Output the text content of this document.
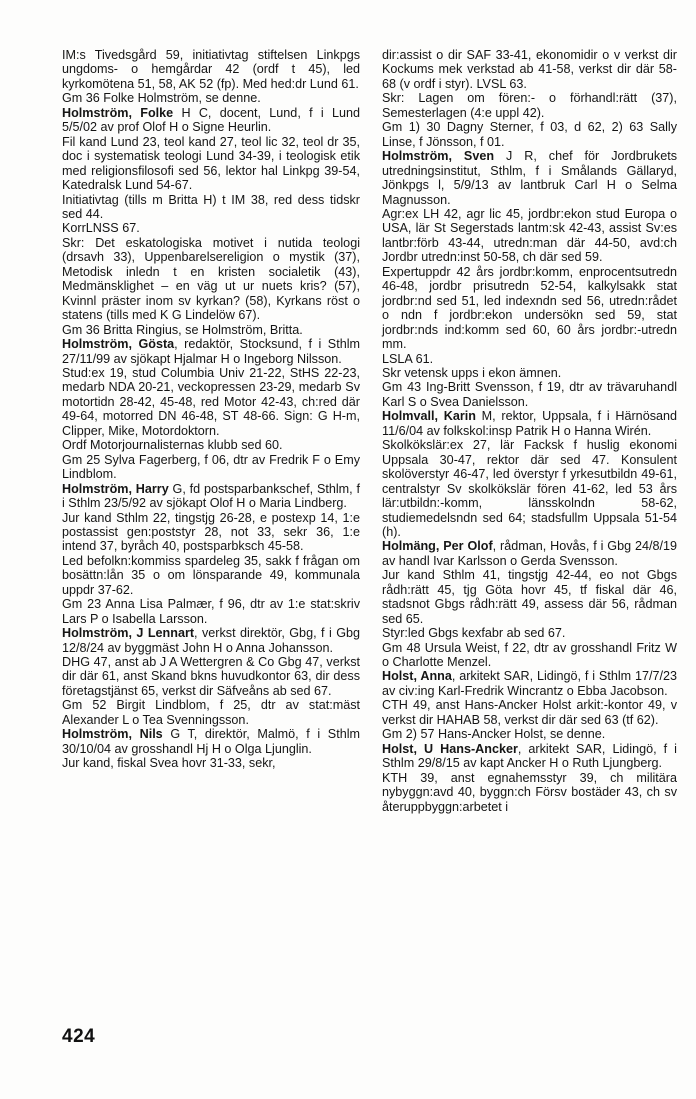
IM:s Tivedsgård 59, initiativtag stiftelsen Linkpgs ungdoms- o hemgårdar 42 (ordf t 45), led kyrkomötena 51, 58, AK 52 (fp). Med hed:dr Lund 61.

Gm 36 Folke Holmström, se denne.

Holmström, Folke H C, docent, Lund, f i Lund 5/5/02 av prof Olof H o Signe Heurlin.

Fil kand Lund 23, teol kand 27, teol lic 32, teol dr 35, doc i systematisk teologi Lund 34-39, i teologisk etik med religionsfilosofi sed 56, lektor hal Linkpg 39-54, Katedralsk Lund 54-67.

Initiativtag (tills m Britta H) t IM 38, red dess tidskr sed 44.

KorrLNSS 67.

Skr: Det eskatologiska motivet i nutida teologi (drsavh 33), Uppenbarelsereligion o mystik (37), Metodisk inledn t en kristen socialetik (43), Medmänsklighet – en väg ut ur nuets kris? (57), Kvinnl präster inom sv kyrkan? (58), Kyrkans röst o statens (tills med K G Lindelöw 67).

Gm 36 Britta Ringius, se Holmström, Britta.

Holmström, Gösta, redaktör, Stocksund, f i Sthlm 27/11/99 av sjökapt Hjalmar H o Ingeborg Nilsson.

Stud:ex 19, stud Columbia Univ 21-22, StHS 22-23, medarb NDA 20-21, veckopressen 23-29, medarb Sv motortidn 28-42, 45-48, red Motor 42-43, ch:red där 49-64, motorred DN 46-48, ST 48-66. Sign: G H-m, Clipper, Mike, Motordoktorn.

Ordf Motorjournalisternas klubb sed 60.

Gm 25 Sylva Fagerberg, f 06, dtr av Fredrik F o Emy Lindblom.

Holmström, Harry G, fd postsparbankschef, Sthlm, f i Sthlm 23/5/92 av sjökapt Olof H o Maria Lindberg.

Jur kand Sthlm 22, tingstjg 26-28, e postexp 14, 1:e postassist gen:poststyr 28, not 33, sekr 36, 1:e intend 37, byråch 40, postsparbksch 45-58.

Led befolkn:kommiss spardeleg 35, sakk f frågan om bosättn:lån 35 o om lönsparande 49, kommunala uppdr 37-62.

Gm 23 Anna Lisa Palmær, f 96, dtr av 1:e stat:skriv Lars P o Isabella Larsson.

Holmström, J Lennart, verkst direktör, Gbg, f i Gbg 12/8/24 av byggmäst John H o Anna Johansson.

DHG 47, anst ab J A Wettergren & Co Gbg 47, verkst dir där 61, anst Skand bkns huvudkontor 63, dir dess företagstjänst 65, verkst dir Säfveåns ab sed 67.

Gm 52 Birgit Lindblom, f 25, dtr av stat:mäst Alexander L o Tea Svenningsson.

Holmström, Nils G T, direktör, Malmö, f i Sthlm 30/10/04 av grosshandl Hj H o Olga Ljunglin.

Jur kand, fiskal Svea hovr 31-33, sekr,

dir:assist o dir SAF 33-41, ekonomidir o v verkst dir Kockums mek verkstad ab 41-58, verkst dir där 58-68 (v ordf i styr). LVSL 63.

Skr: Lagen om fören:- o förhandl:rätt (37), Semesterlagen (4:e uppl 42).

Gm 1) 30 Dagny Sterner, f 03, d 62, 2) 63 Sally Linse, f Jönsson, f 01.

Holmström, Sven J R, chef för Jordbrukets utredningsinstitut, Sthlm, f i Smålands Gällaryd, Jönkpgs l, 5/9/13 av lantbruk Carl H o Selma Magnusson.

Agr:ex LH 42, agr lic 45, jordbr:ekon stud Europa o USA, lär St Segerstads lantm:sk 42-43, assist Sv:es lantbr:förb 43-44, utredn:man där 44-50, avd:ch Jordbr utredn:inst 50-58, ch där sed 59.

Expertuppdr 42 års jordbr:komm, enprocentsutredn 46-48, jordbr prisutredn 52-54, kalkylsakk stat jordbr:nd sed 51, led indexndn sed 56, utredn:rådet o ndn f jordbr:ekon undersökn sed 59, stat jordbr:nds ind:komm sed 60, 60 års jordbr:-utredn mm.

LSLA 61.

Skr vetensk upps i ekon ämnen.

Gm 43 Ing-Britt Svensson, f 19, dtr av trävaruhandl Karl S o Svea Danielsson.

Holmvall, Karin M, rektor, Uppsala, f i Härnösand 11/6/04 av folkskol:insp Patrik H o Hanna Wirén.

Skolkökslär:ex 27, lär Facksk f huslig ekonomi Uppsala 30-47, rektor där sed 47. Konsulent skolöverstyr 46-47, led överstyr f yrkesutbildn 49-61, centralstyr Sv skolkökslär fören 41-62, led 53 års lär:utbildn:-komm, länsskolndn 58-62, studiemedelsndn sed 64; stadsfullm Uppsala 51-54 (h).

Holmäng, Per Olof, rådman, Hovås, f i Gbg 24/8/19 av handl Ivar Karlsson o Gerda Svensson.

Jur kand Sthlm 41, tingstjg 42-44, eo not Gbgs rådh:rätt 45, tjg Göta hovr 45, tf fiskal där 46, stadsnot Gbgs rådh:rätt 49, assess där 56, rådman sed 65.

Styr:led Gbgs kexfabr ab sed 67.

Gm 48 Ursula Weist, f 22, dtr av grosshandl Fritz W o Charlotte Menzel.

Holst, Anna, arkitekt SAR, Lidingö, f i Sthlm 17/7/23 av civ:ing Karl-Fredrik Wincrantz o Ebba Jacobson.

CTH 49, anst Hans-Ancker Holst arkit:-kontor 49, v verkst dir HAHAB 58, verkst dir där sed 63 (tf 62).

Gm 2) 57 Hans-Ancker Holst, se denne.

Holst, U Hans-Ancker, arkitekt SAR, Lidingö, f i Sthlm 29/8/15 av kapt Ancker H o Ruth Ljungberg.

KTH 39, anst egnahemsstyr 39, ch militära nybyggn:avd 40, byggn:ch Försv bostäder 43, ch sv återuppbyggn:arbetet i

424
